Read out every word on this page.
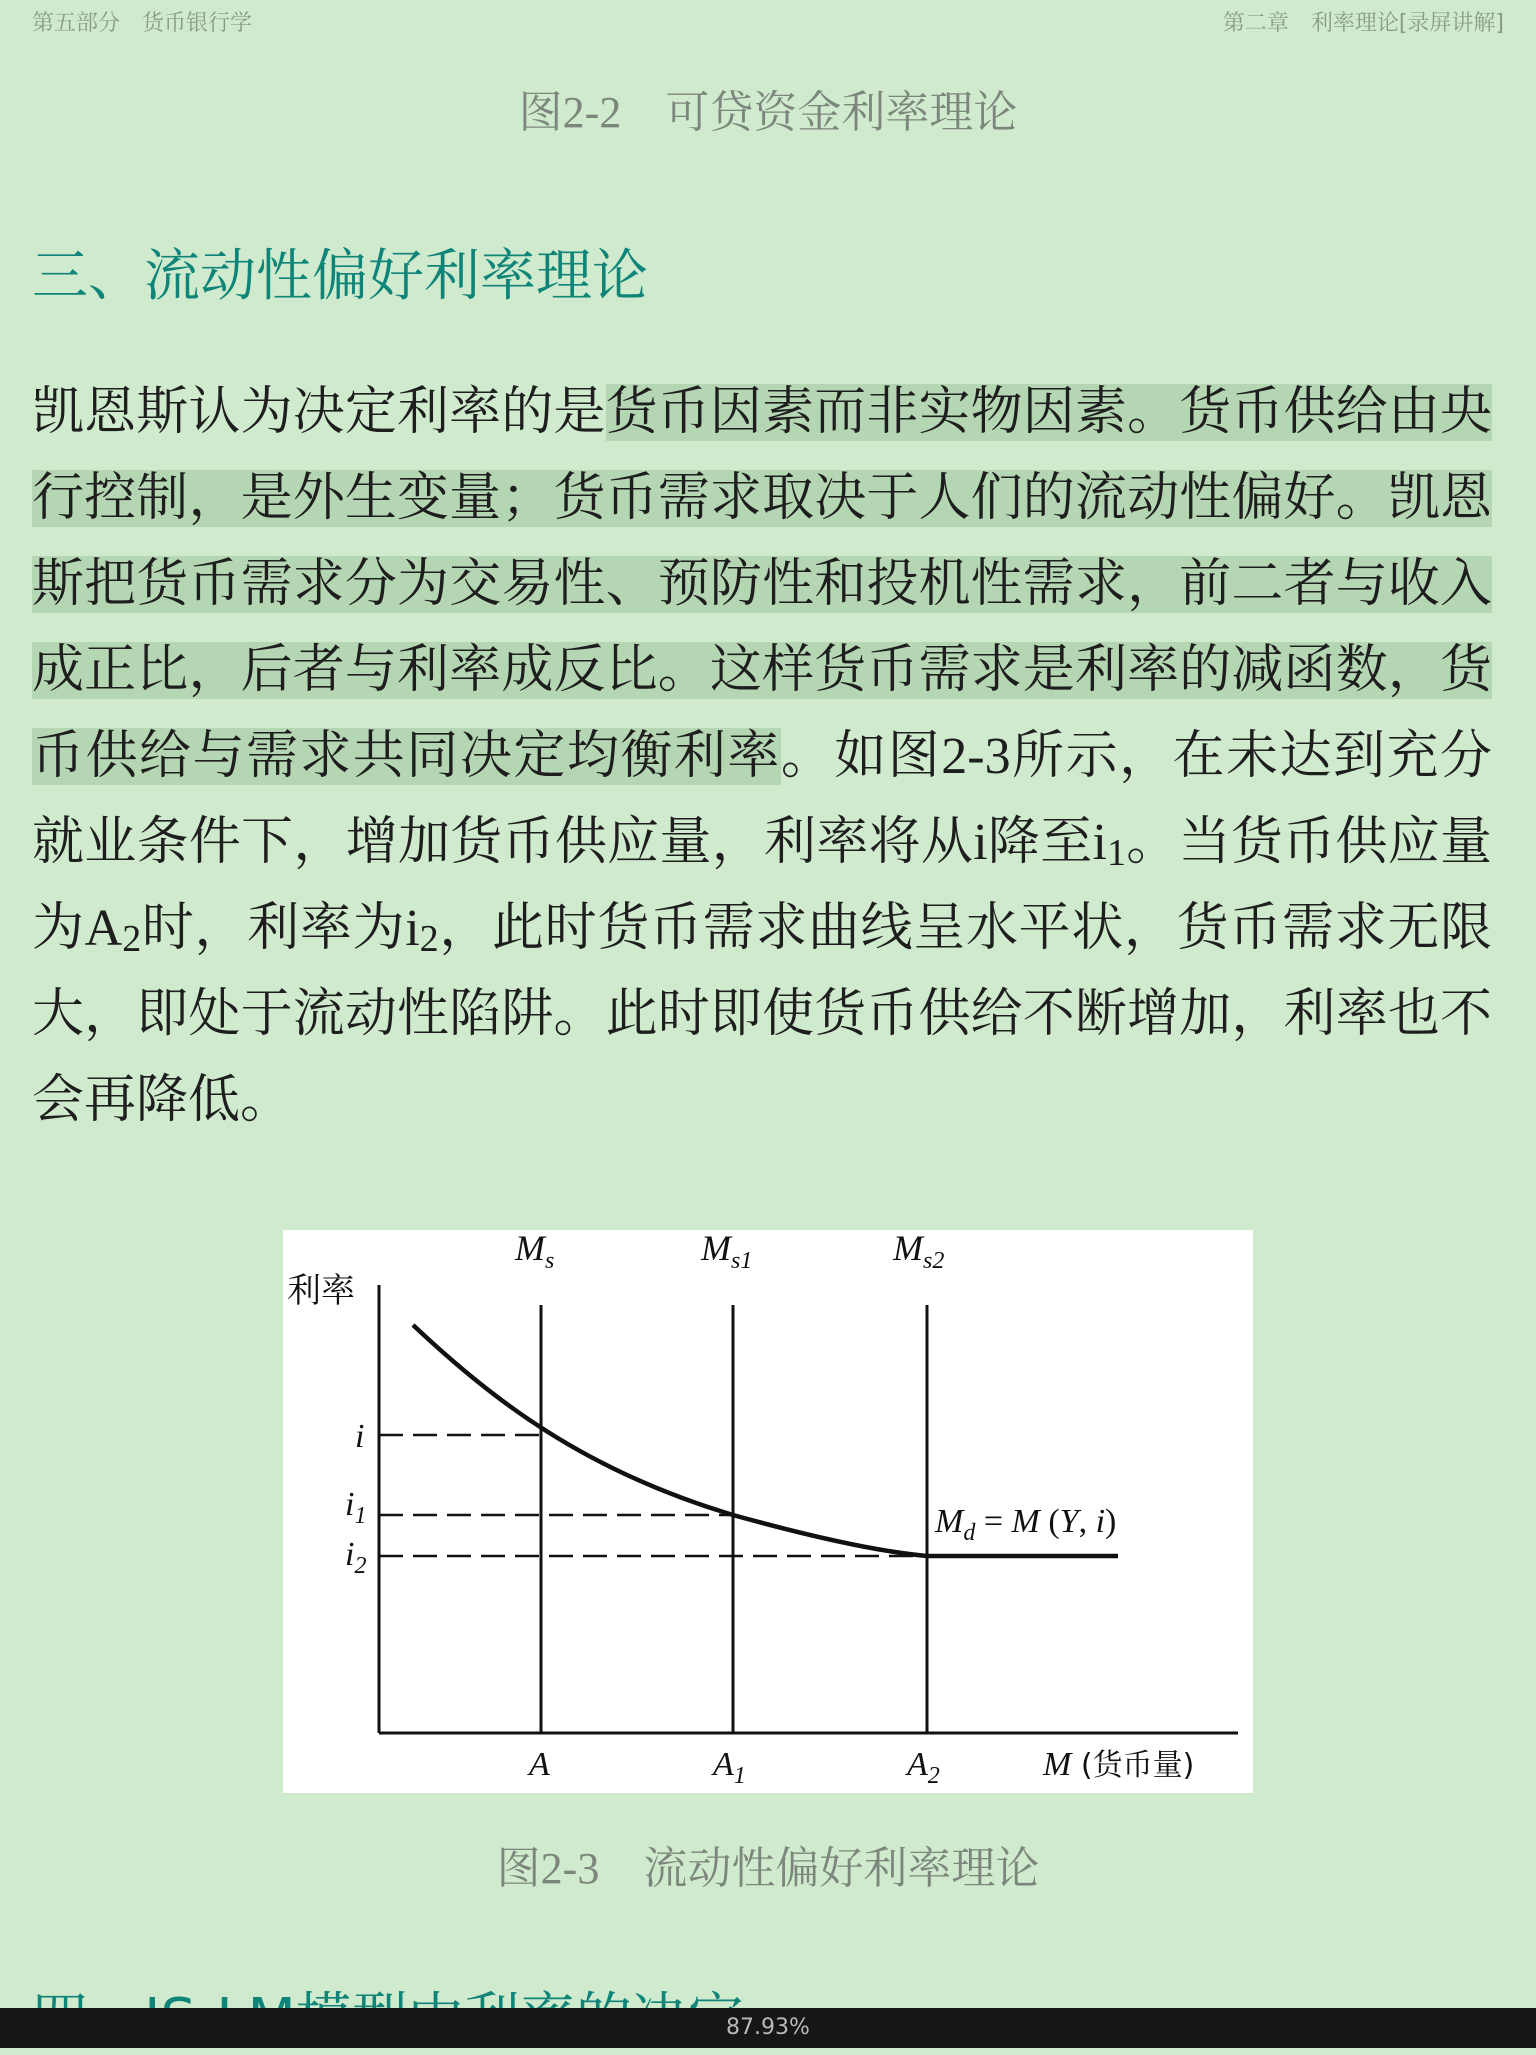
第五部分　货币银行学	第二章　利率理论[录屏讲解]
图2-2　可贷资金利率理论
三、流动性偏好利率理论

凯恩斯认为决定利率的是货币因素而非实物因素。货币供给由央行控制，是外生变量；货币需求取决于人们的流动性偏好。凯恩斯把货币需求分为交易性、预防性和投机性需求，前二者与收入成正比，后者与利率成反比。这样货币需求是利率的减函数，货币供给与需求共同决定均衡利率。如图2-3所示，在未达到充分就业条件下，增加货币供应量，利率将从i降至$i_1$。当货币供应量为$A_2$时，利率为$i_2$，此时货币需求曲线呈水平状，货币需求无限大，即处于流动性陷阱。此时即使货币供给不断增加，利率也不会再降低。

利率
$M_s$	$M_{s1}$	$M_{s2}$
i
$i_1$
$i_2$
$M_d = M$ (Y, i)
A	$A_1$	$A_2$	M (货币量)
图2-3　流动性偏好利率理论
87.93%
